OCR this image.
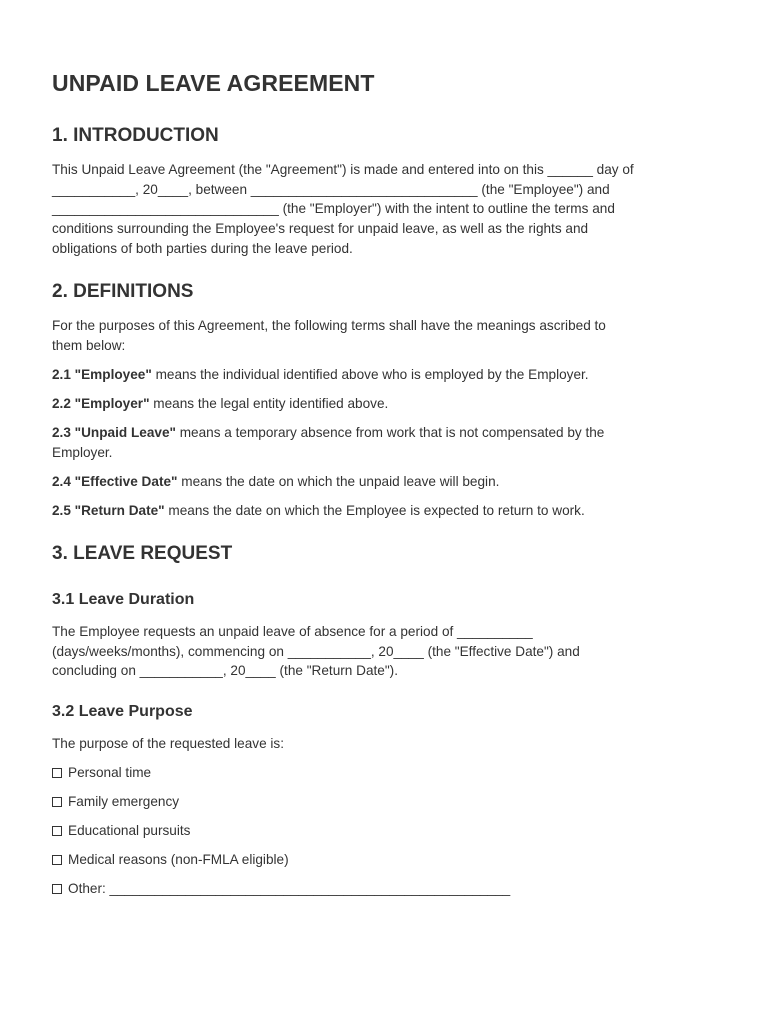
UNPAID LEAVE AGREEMENT
1. INTRODUCTION
This Unpaid Leave Agreement (the "Agreement") is made and entered into on this ______ day of
___________, 20____, between ______________________________ (the "Employee") and
______________________________ (the "Employer") with the intent to outline the terms and
conditions surrounding the Employee's request for unpaid leave, as well as the rights and
obligations of both parties during the leave period.
2. DEFINITIONS
For the purposes of this Agreement, the following terms shall have the meanings ascribed to
them below:
2.1 "Employee" means the individual identified above who is employed by the Employer.
2.2 "Employer" means the legal entity identified above.
2.3 "Unpaid Leave" means a temporary absence from work that is not compensated by the
Employer.
2.4 "Effective Date" means the date on which the unpaid leave will begin.
2.5 "Return Date" means the date on which the Employee is expected to return to work.
3. LEAVE REQUEST
3.1 Leave Duration
The Employee requests an unpaid leave of absence for a period of __________
(days/weeks/months), commencing on ___________, 20____ (the "Effective Date") and
concluding on ___________, 20____ (the "Return Date").
3.2 Leave Purpose
The purpose of the requested leave is:
Personal time
Family emergency
Educational pursuits
Medical reasons (non-FMLA eligible)
Other: _____________________________________________________
